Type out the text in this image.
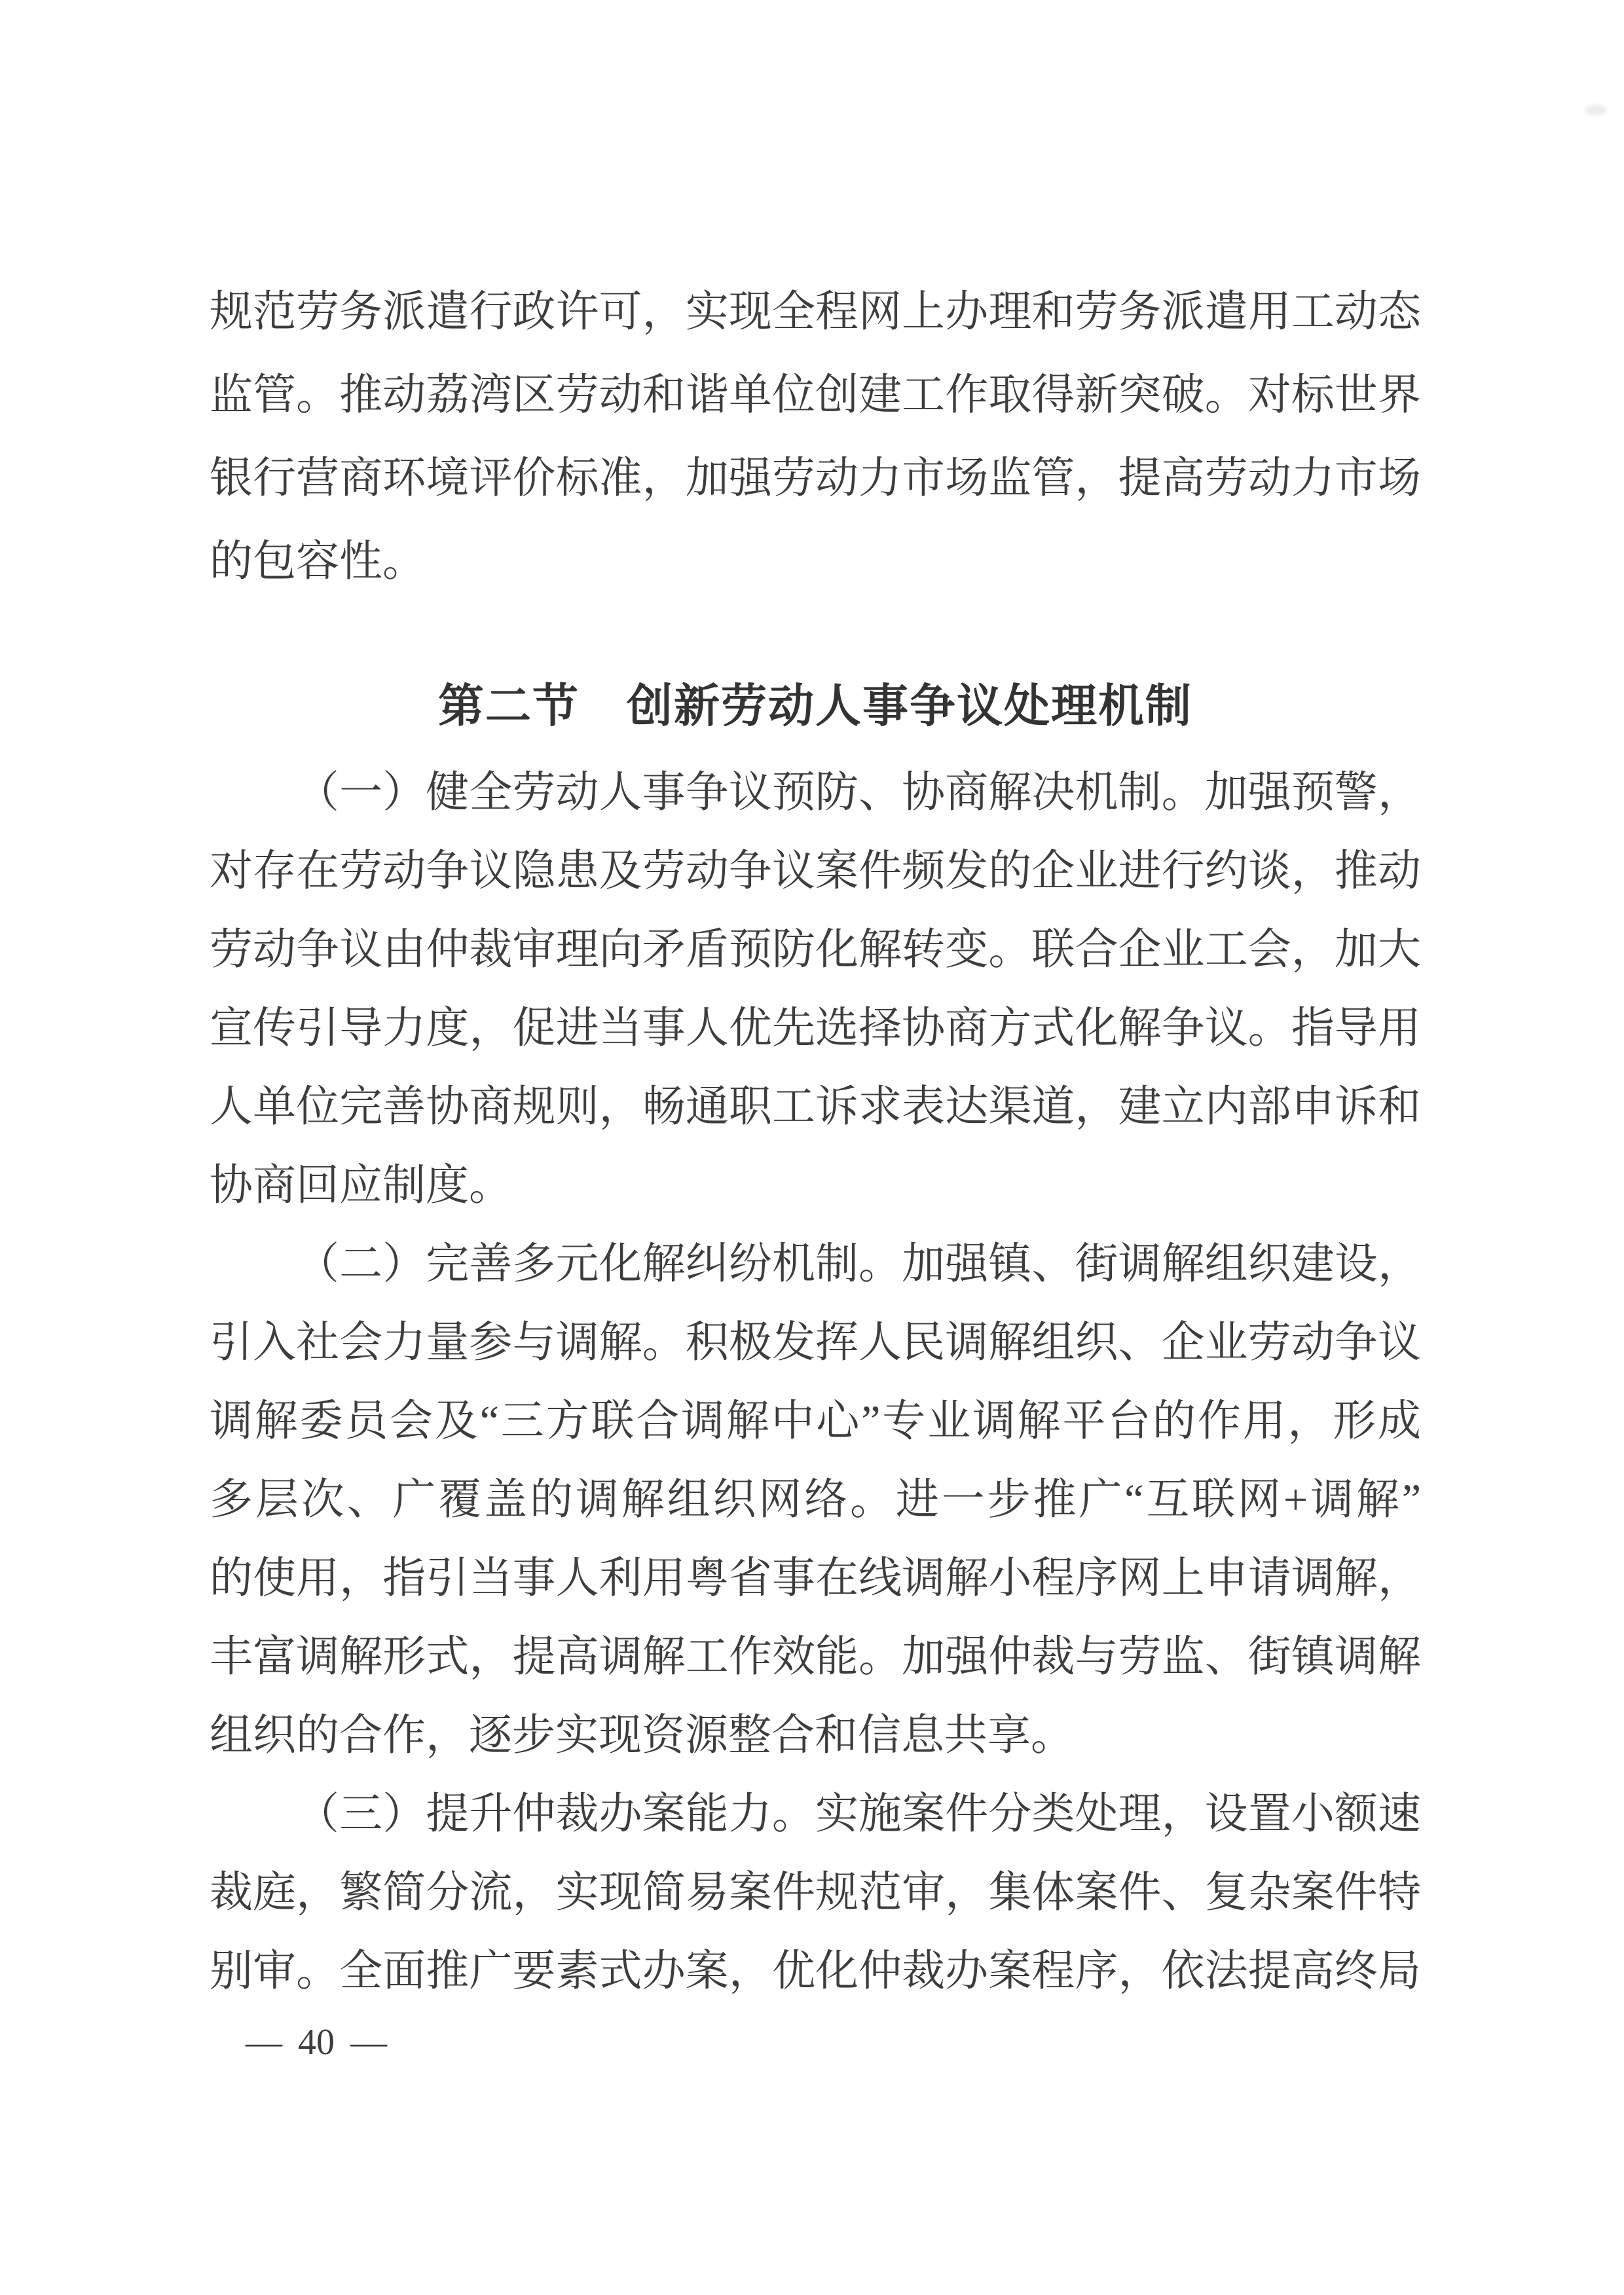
规范劳务派遣行政许可，实现全程网上办理和劳务派遣用工动态
监管。推动荔湾区劳动和谐单位创建工作取得新突破。对标世界
银行营商环境评价标准，加强劳动力市场监管，提高劳动力市场
的包容性。
第二节　创新劳动人事争议处理机制
（一）健全劳动人事争议预防、协商解决机制。加强预警，
对存在劳动争议隐患及劳动争议案件频发的企业进行约谈，推动
劳动争议由仲裁审理向矛盾预防化解转变。联合企业工会，加大
宣传引导力度，促进当事人优先选择协商方式化解争议。指导用
人单位完善协商规则，畅通职工诉求表达渠道，建立内部申诉和
协商回应制度。
（二）完善多元化解纠纷机制。加强镇、街调解组织建设，
引入社会力量参与调解。积极发挥人民调解组织、企业劳动争议
调解委员会及“三方联合调解中心”专业调解平台的作用，形成
多层次、广覆盖的调解组织网络。进一步推广“互联网+调解”
的使用，指引当事人利用粤省事在线调解小程序网上申请调解，
丰富调解形式，提高调解工作效能。加强仲裁与劳监、街镇调解
组织的合作，逐步实现资源整合和信息共享。
（三）提升仲裁办案能力。实施案件分类处理，设置小额速
裁庭，繁简分流，实现简易案件规范审，集体案件、复杂案件特
别审。全面推广要素式办案，优化仲裁办案程序，依法提高终局
— 40 —
